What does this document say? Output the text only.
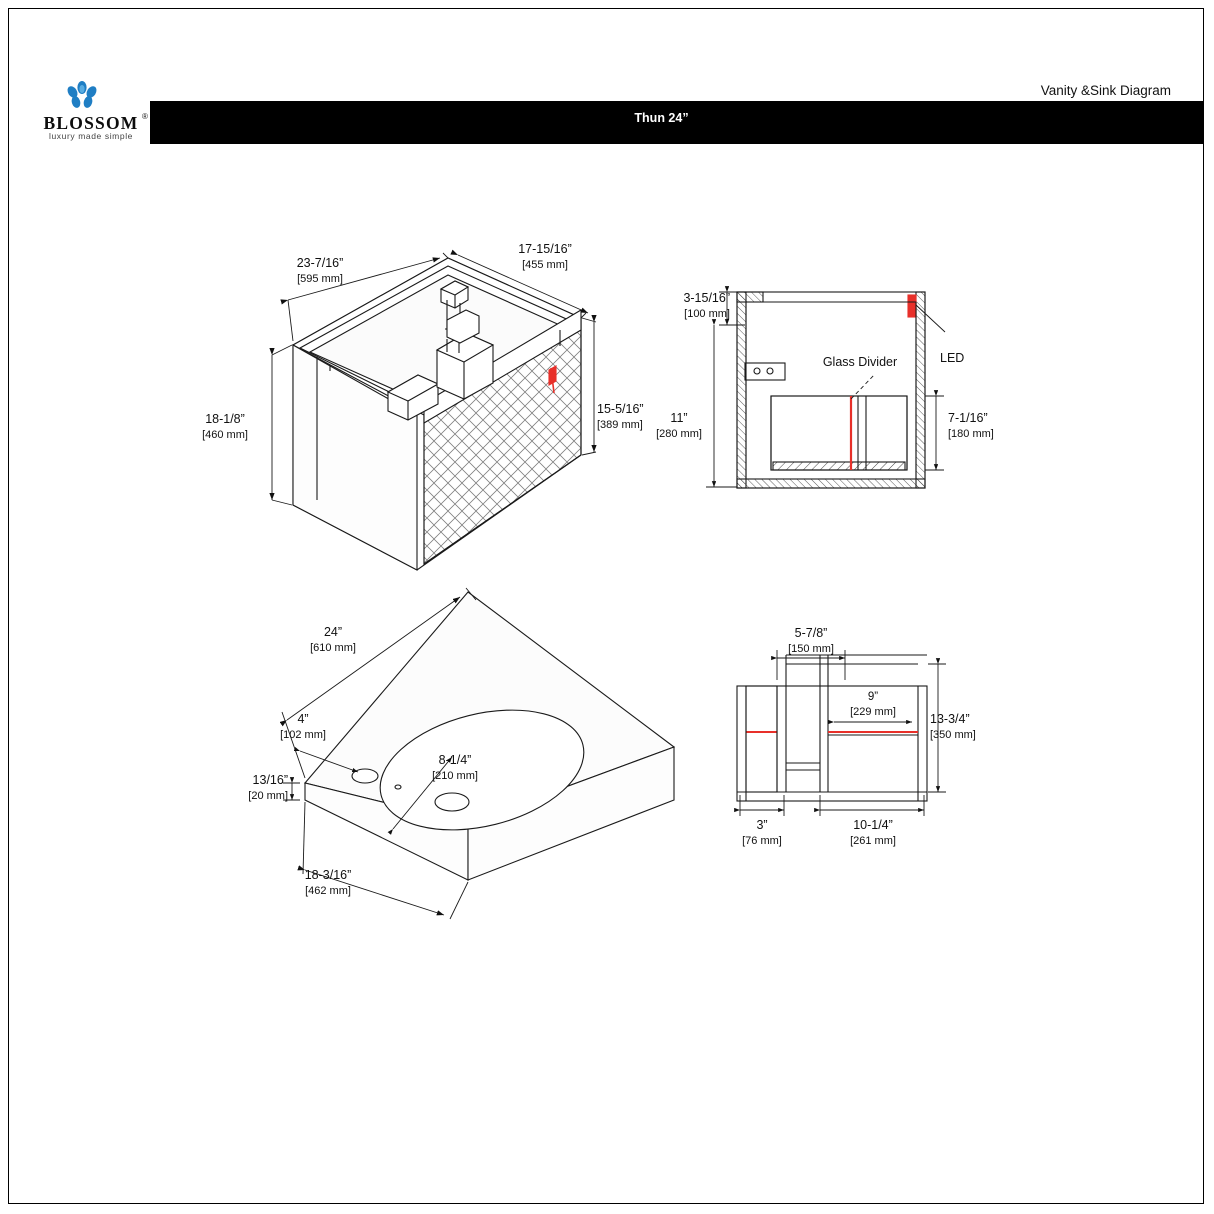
BLOSSOM ®
luxury made simple
Vanity &Sink Diagram
Thun 24”
23-7/16”
[595 mm]
17-15/16”
[455 mm]
18-1/8”
[460 mm]
15-5/16”
[389 mm]
3-15/16”
[100 mm]
11”
[280 mm]
7-1/16”
[180 mm]
Glass Divider	LED
24”
[610 mm]
4”
[102 mm]
13/16”
[20 mm]
8-1/4”
[210 mm]
18-3/16”
[462 mm]
5-7/8”
[150 mm]
9”
[229 mm]	13-3/4”
[350 mm]
3”
[76 mm]
10-1/4”
[261 mm]
